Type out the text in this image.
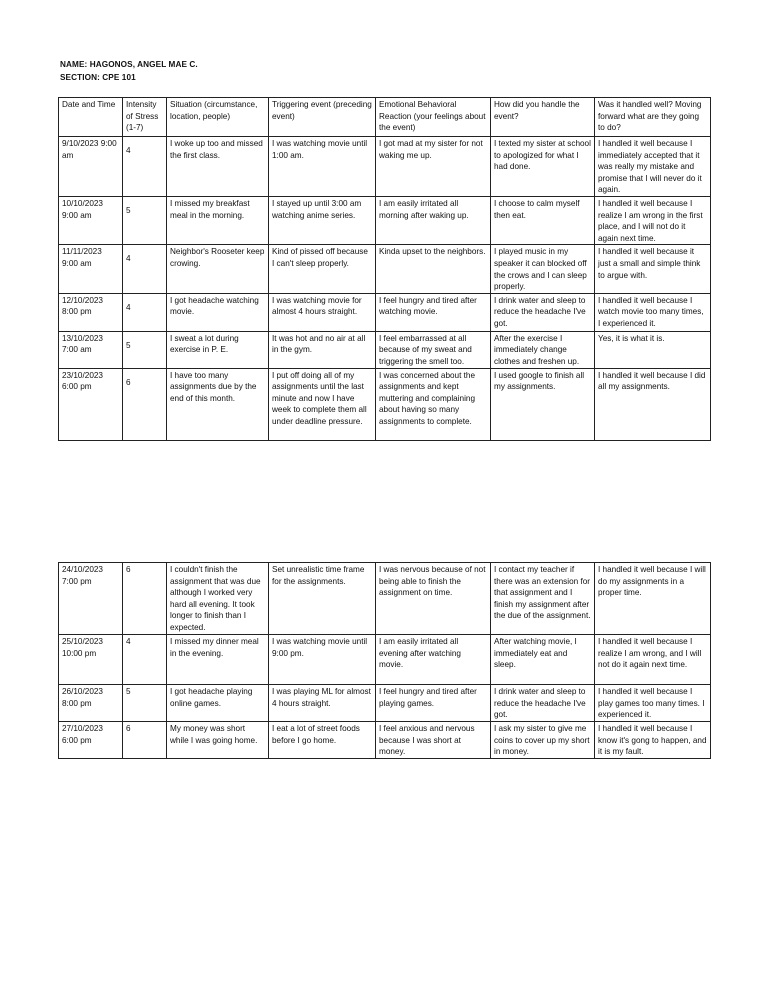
NAME: HAGONOS, ANGEL MAE C.
SECTION: CPE 101
Date and Time	Intensity of Stress (1-7)	Situation (circumstance, location, people)	Triggering event (preceding event)	Emotional Behavioral Reaction (your feelings about the event)	How did you handle the event?	Was it handled well? Moving forward what are they going to do?
9/10/2023 9:00 am	4	I woke up too and missed the first class.	I was watching movie until 1:00 am.	I got mad at my sister for not waking me up.	I texted my sister at school to apologized for what I had done.	I handled it well because I immediately accepted that it was really my mistake and promise that I will never do it again.
10/10/2023 9:00 am	5	I missed my breakfast meal in the morning.	I stayed up until 3:00 am watching anime series.	I am easily irritated all morning after waking up.	I choose to calm myself then eat.	I handled it well because I realize I am wrong in the first place, and I will not do it again next time.
11/11/2023 9:00 am	4	Neighbor's Rooseter keep crowing.	Kind of pissed off because I can't sleep properly.	Kinda upset to the neighbors.	I played music in my speaker it can blocked off the crows and I can sleep properly.	I handled it well because it just a small and simple think to argue with.
12/10/2023 8:00 pm	4	I got headache watching movie.	I was watching movie for almost 4 hours straight.	I feel hungry and tired after watching movie.	I drink water and sleep to reduce the headache I've got.	I handled it well because I watch movie too many times, I experienced it.
13/10/2023 7:00 am	5	I sweat a lot during exercise in P. E.	It was hot and no air at all in the gym.	I feel embarrassed at all because of my sweat and triggering the smell too.	After the exercise I immediately change clothes and freshen up.	Yes, it is what it is.
23/10/2023 6:00 pm	6	I have too many assignments due by the end of this month.	I put off doing all of my assignments until the last minute and now I have week to complete them all under deadline pressure.	I was concerned about the assignments and kept muttering and complaining about having so many assignments to complete.	I used google to finish all my assignments.	I handled it well because I did all my assignments.
24/10/2023 7:00 pm	6	I couldn't finish the assignment that was due although I worked very hard all evening. It took longer to finish than I expected.	Set unrealistic time frame for the assignments.	I was nervous because of not being able to finish the assignment on time.	I contact my teacher if there was an extension for that assignment and I finish my assignment after the due of the assignment.	I handled it well because I will do my assignments in a proper time.
25/10/2023 10:00 pm	4	I missed my dinner meal in the evening.	I was watching movie until 9:00 pm.	I am easily irritated all evening after watching movie.	After watching movie, I immediately eat and sleep.	I handled it well because I realize I am wrong, and I will not do it again next time.
26/10/2023 8:00 pm	5	I got headache playing online games.	I was playing ML for almost 4 hours straight.	I feel hungry and tired after playing games.	I drink water and sleep to reduce the headache I've got.	I handled it well because I play games too many times. I experienced it.
27/10/2023 6:00 pm	6	My money was short while I was going home.	I eat a lot of street foods before I go home.	I feel anxious and nervous because I was short at money.	I ask my sister to give me coins to cover up my short in money.	I handled it well because I know it's gong to happen, and it is my fault.
